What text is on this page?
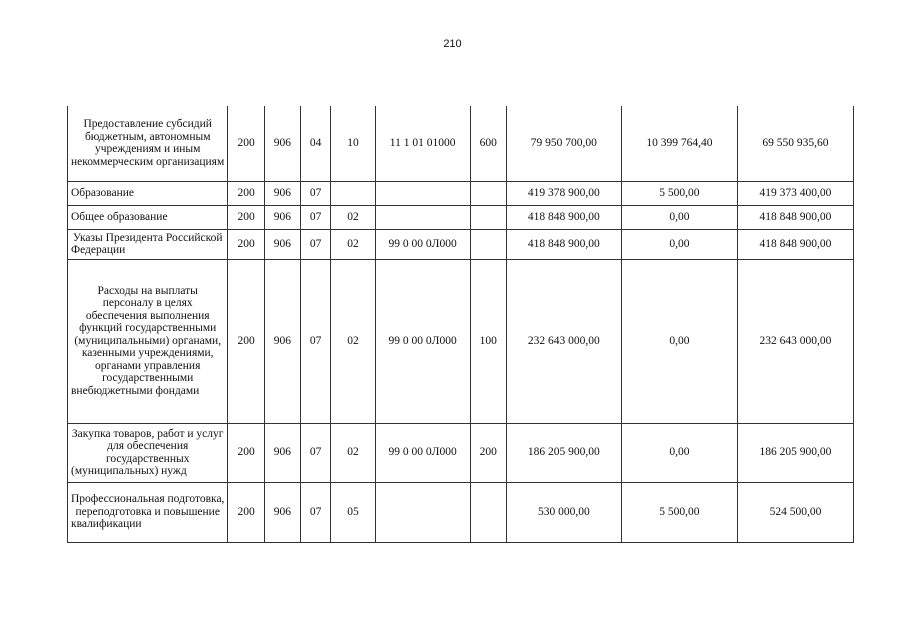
210
Предоставление субсидий бюджетным, автономным учреждениям и иным некоммерческим организациям	200	906	04	10	11 1 01 01000	600	79 950 700,00	10 399 764,40	69 550 935,60
Образование	200	906	07				419 378 900,00	5 500,00	419 373 400,00
Общее образование	200	906	07	02			418 848 900,00	0,00	418 848 900,00
Указы Президента Российской Федерации	200	906	07	02	99 0 00 0Л000		418 848 900,00	0,00	418 848 900,00
Расходы на выплаты персоналу в целях обеспечения выполнения функций государственными (муниципальными) органами, казенными учреждениями, органами управления государственными внебюджетными фондами	200	906	07	02	99 0 00 0Л000	100	232 643 000,00	0,00	232 643 000,00
Закупка товаров, работ и услуг для обеспечения государственных (муниципальных) нужд	200	906	07	02	99 0 00 0Л000	200	186 205 900,00	0,00	186 205 900,00
Профессиональная подготовка, переподготовка и повышение квалификации	200	906	07	05			530 000,00	5 500,00	524 500,00
